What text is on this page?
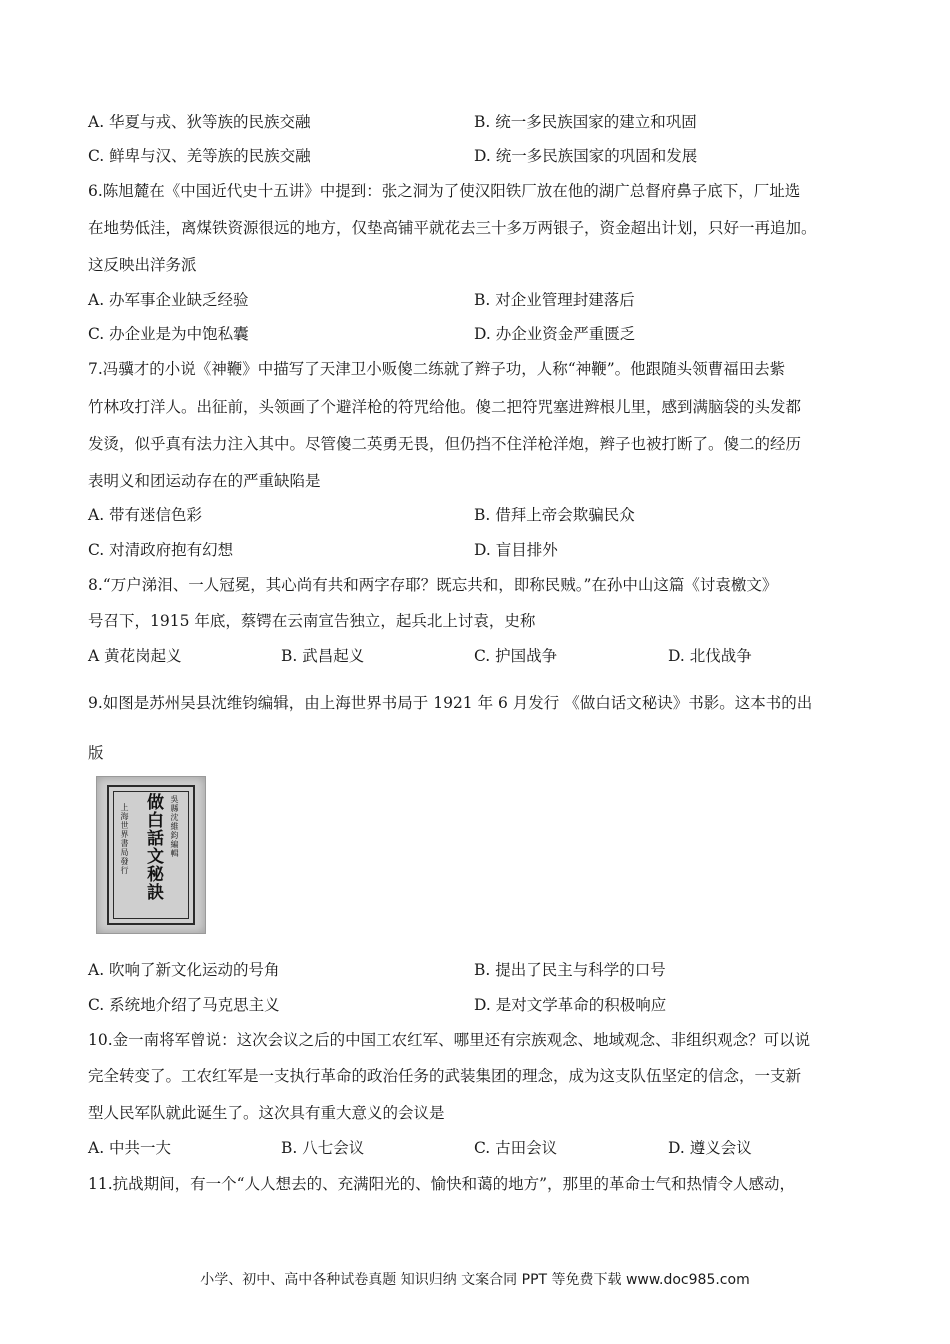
A. 华夏与戎、狄等族的民族交融	B. 统一多民族国家的建立和巩固
C. 鲜卑与汉、羌等族的民族交融	D. 统一多民族国家的巩固和发展
6.陈旭麓在《中国近代史十五讲》中提到：张之洞为了使汉阳铁厂放在他的湖广总督府鼻子底下，厂址选
在地势低洼，离煤铁资源很远的地方，仅垫高铺平就花去三十多万两银子，资金超出计划，只好一再追加。
这反映出洋务派
A. 办军事企业缺乏经验	B. 对企业管理封建落后
C. 办企业是为中饱私囊	D. 办企业资金严重匮乏
7.冯骥才的小说《神鞭》中描写了天津卫小贩傻二练就了辫子功，人称“神鞭”。他跟随头领曹福田去紫
竹林攻打洋人。出征前，头领画了个避洋枪的符咒给他。傻二把符咒塞进辫根儿里，感到满脑袋的头发都
发烫，似乎真有法力注入其中。尽管傻二英勇无畏，但仍挡不住洋枪洋炮，辫子也被打断了。傻二的经历
表明义和团运动存在的严重缺陷是
A. 带有迷信色彩	B. 借拜上帝会欺骗民众
C. 对清政府抱有幻想	D. 盲目排外
8.“万户涕泪、一人冠冕，其心尚有共和两字存耶？既忘共和，即称民贼。”在孙中山这篇《讨袁檄文》
号召下，1915 年底，蔡锷在云南宣告独立，起兵北上讨袁，史称
A 黄花岗起义	B. 武昌起义	C. 护国战争	D. 北伐战争
9.如图是苏州吴县沈维钧编辑，由上海世界书局于 1921 年 6 月发行 《做白话文秘诀》书影。这本书的出
版
做白話文秘訣 吳縣沈維鈞編輯
上海世界書局發行
A. 吹响了新文化运动的号角	B. 提出了民主与科学的口号
C. 系统地介绍了马克思主义	D. 是对文学革命的积极响应
10.金一南将军曾说：这次会议之后的中国工农红军、哪里还有宗族观念、地域观念、非组织观念？可以说
完全转变了。工农红军是一支执行革命的政治任务的武装集团的理念，成为这支队伍坚定的信念，一支新
型人民军队就此诞生了。这次具有重大意义的会议是
A. 中共一大	B. 八七会议	C. 古田会议	D. 遵义会议
11.抗战期间，有一个“人人想去的、充满阳光的、愉快和蔼的地方”，那里的革命士气和热情令人感动，
小学、初中、高中各种试卷真题 知识归纳 文案合同 PPT 等免费下载 www.doc985.com
